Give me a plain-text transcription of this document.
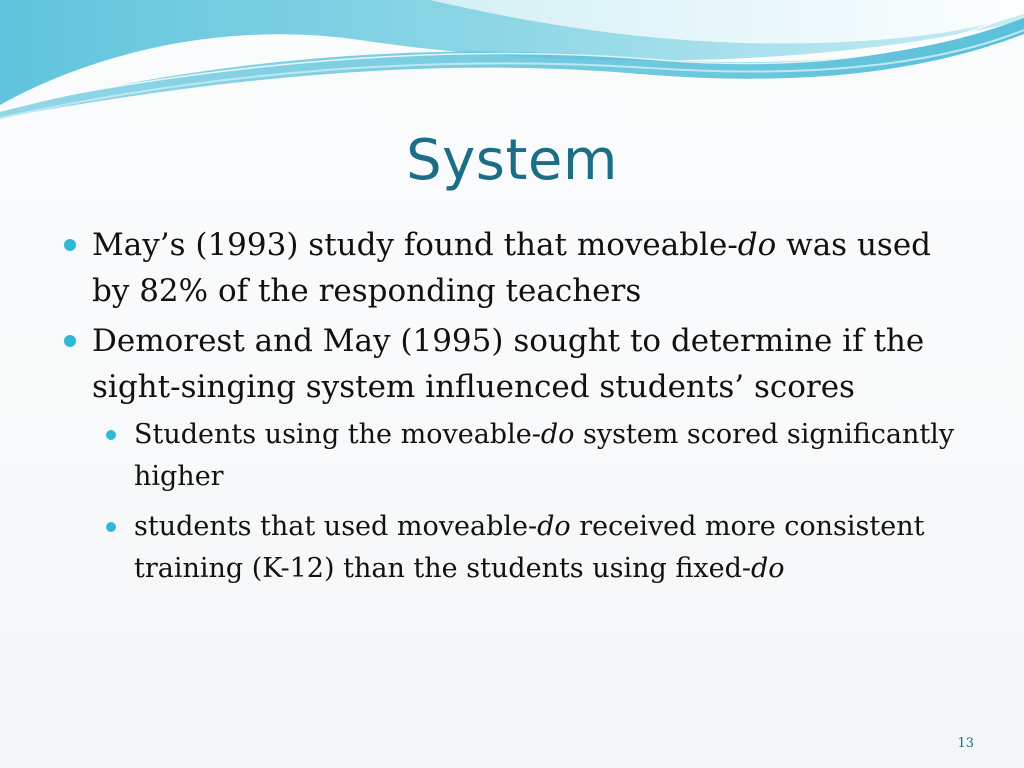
System
May’s (1993) study found that moveable-do was used by 82% of the responding teachers
Demorest and May (1995) sought to determine if the sight-singing system influenced students’ scores
Students using the moveable-do system scored significantly higher
students that used moveable-do received more consistent training (K-12) than the students using fixed-do
13
